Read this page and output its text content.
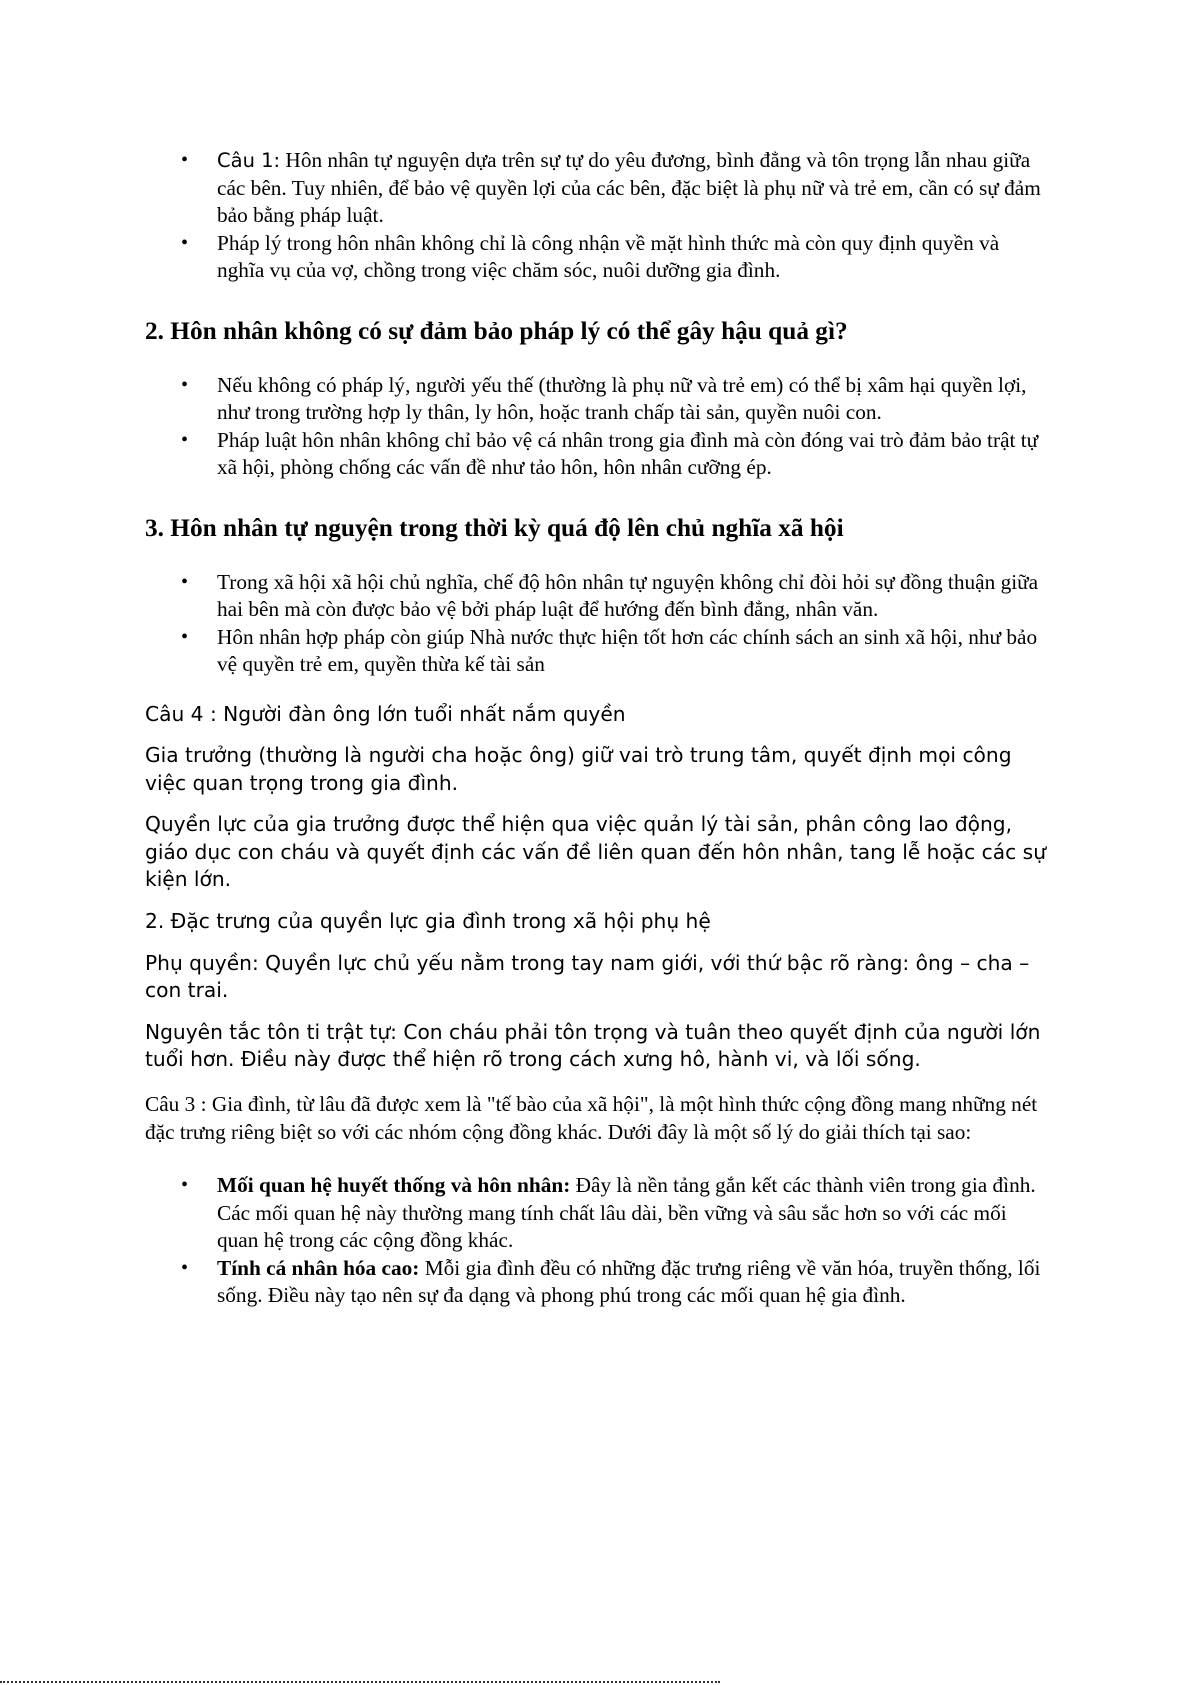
• Câu 1: Hôn nhân tự nguyện dựa trên sự tự do yêu đương, bình đẳng và tôn trọng lẫn nhau giữa các bên. Tuy nhiên, để bảo vệ quyền lợi của các bên, đặc biệt là phụ nữ và trẻ em, cần có sự đảm bảo bằng pháp luật.
• Pháp lý trong hôn nhân không chỉ là công nhận về mặt hình thức mà còn quy định quyền và nghĩa vụ của vợ, chồng trong việc chăm sóc, nuôi dưỡng gia đình.
2. Hôn nhân không có sự đảm bảo pháp lý có thể gây hậu quả gì?
• Nếu không có pháp lý, người yếu thế (thường là phụ nữ và trẻ em) có thể bị xâm hại quyền lợi, như trong trường hợp ly thân, ly hôn, hoặc tranh chấp tài sản, quyền nuôi con.
• Pháp luật hôn nhân không chỉ bảo vệ cá nhân trong gia đình mà còn đóng vai trò đảm bảo trật tự xã hội, phòng chống các vấn đề như tảo hôn, hôn nhân cưỡng ép.
3. Hôn nhân tự nguyện trong thời kỳ quá độ lên chủ nghĩa xã hội
• Trong xã hội xã hội chủ nghĩa, chế độ hôn nhân tự nguyện không chỉ đòi hỏi sự đồng thuận giữa hai bên mà còn được bảo vệ bởi pháp luật để hướng đến bình đẳng, nhân văn.
• Hôn nhân hợp pháp còn giúp Nhà nước thực hiện tốt hơn các chính sách an sinh xã hội, như bảo vệ quyền trẻ em, quyền thừa kế tài sản

Câu 4 : Người đàn ông lớn tuổi nhất nắm quyền

Gia trưởng (thường là người cha hoặc ông) giữ vai trò trung tâm, quyết định mọi công việc quan trọng trong gia đình.

Quyền lực của gia trưởng được thể hiện qua việc quản lý tài sản, phân công lao động, giáo dục con cháu và quyết định các vấn đề liên quan đến hôn nhân, tang lễ hoặc các sự kiện lớn.

2. Đặc trưng của quyền lực gia đình trong xã hội phụ hệ

Phụ quyền: Quyền lực chủ yếu nằm trong tay nam giới, với thứ bậc rõ ràng: ông – cha – con trai.

Nguyên tắc tôn ti trật tự: Con cháu phải tôn trọng và tuân theo quyết định của người lớn tuổi hơn. Điều này được thể hiện rõ trong cách xưng hô, hành vi, và lối sống.

Câu 3 : Gia đình, từ lâu đã được xem là "tế bào của xã hội", là một hình thức cộng đồng mang những nét đặc trưng riêng biệt so với các nhóm cộng đồng khác. Dưới đây là một số lý do giải thích tại sao:

• Mối quan hệ huyết thống và hôn nhân: Đây là nền tảng gắn kết các thành viên trong gia đình. Các mối quan hệ này thường mang tính chất lâu dài, bền vững và sâu sắc hơn so với các mối quan hệ trong các cộng đồng khác.
• Tính cá nhân hóa cao: Mỗi gia đình đều có những đặc trưng riêng về văn hóa, truyền thống, lối sống. Điều này tạo nên sự đa dạng và phong phú trong các mối quan hệ gia đình.
